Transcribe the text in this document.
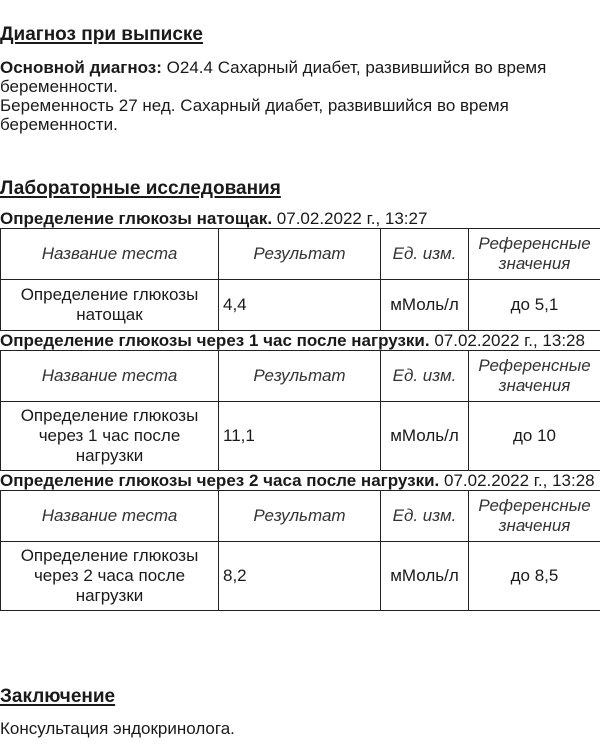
Диагноз при выписке

Основной диагноз: O24.4 Сахарный диабет, развившийся во время беременности.

Беременность 27 нед. Сахарный диабет, развившийся во время беременности.

Лабораторные исследования

Определение глюкозы натощак. 07.02.2022 г., 13:27

Название теста	Результат	Ед. изм.	Референсные значения
Определение глюкозы натощак	4,4	мМоль/л	до 5,1

Определение глюкозы через 1 час после нагрузки. 07.02.2022 г., 13:28

Название теста	Результат	Ед. изм.	Референсные значения
Определение глюкозы через 1 час после нагрузки	11,1	мМоль/л	до 10

Определение глюкозы через 2 часа после нагрузки. 07.02.2022 г., 13:28

Название теста	Результат	Ед. изм.	Референсные значения
Определение глюкозы через 2 часа после нагрузки	8,2	мМоль/л	до 8,5
Заключение

Консультация эндокринолога.
